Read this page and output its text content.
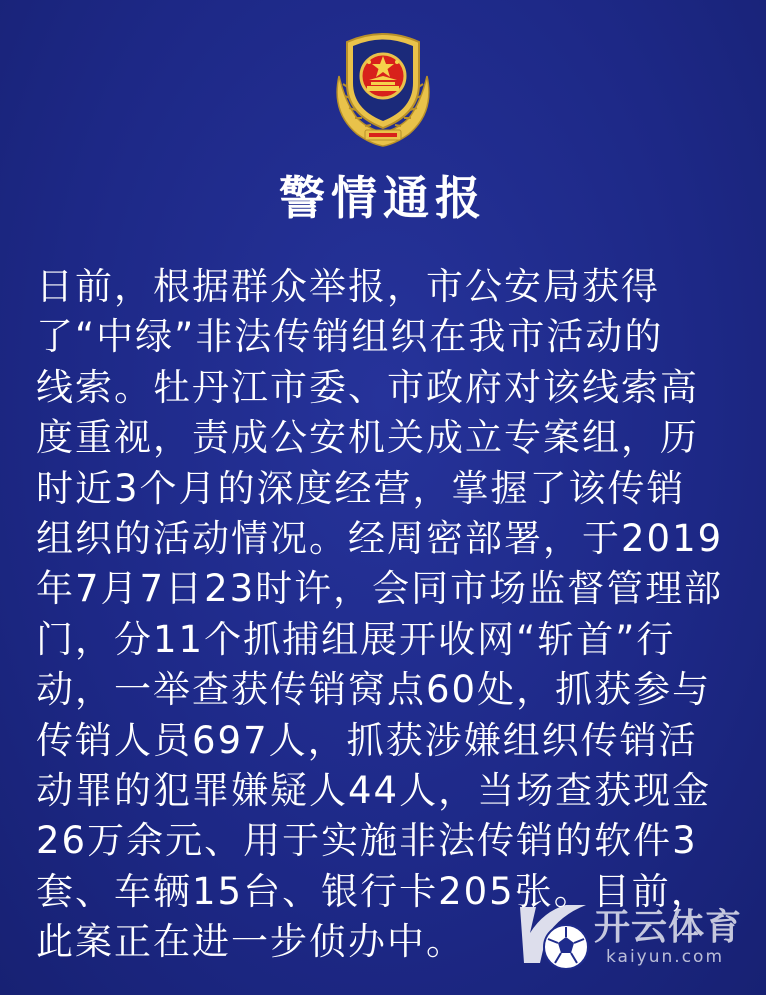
警情通报

日前，根据群众举报，市公安局获得
了“中绿”非法传销组织在我市活动的
线索。牡丹江市委、市政府对该线索高
度重视，责成公安机关成立专案组，历
时近3个月的深度经营，掌握了该传销
组织的活动情况。经周密部署，于2019
年7月7日23时许，会同市场监督管理部
门，分11个抓捕组展开收网“斩首”行
动，一举查获传销窝点60处，抓获参与
传销人员697人，抓获涉嫌组织传销活
动罪的犯罪嫌疑人44人，当场查获现金
26万余元、用于实施非法传销的软件3
套、车辆15台、银行卡205张。目前，
此案正在进一步侦办中。	开云体育
kaiyun.com
